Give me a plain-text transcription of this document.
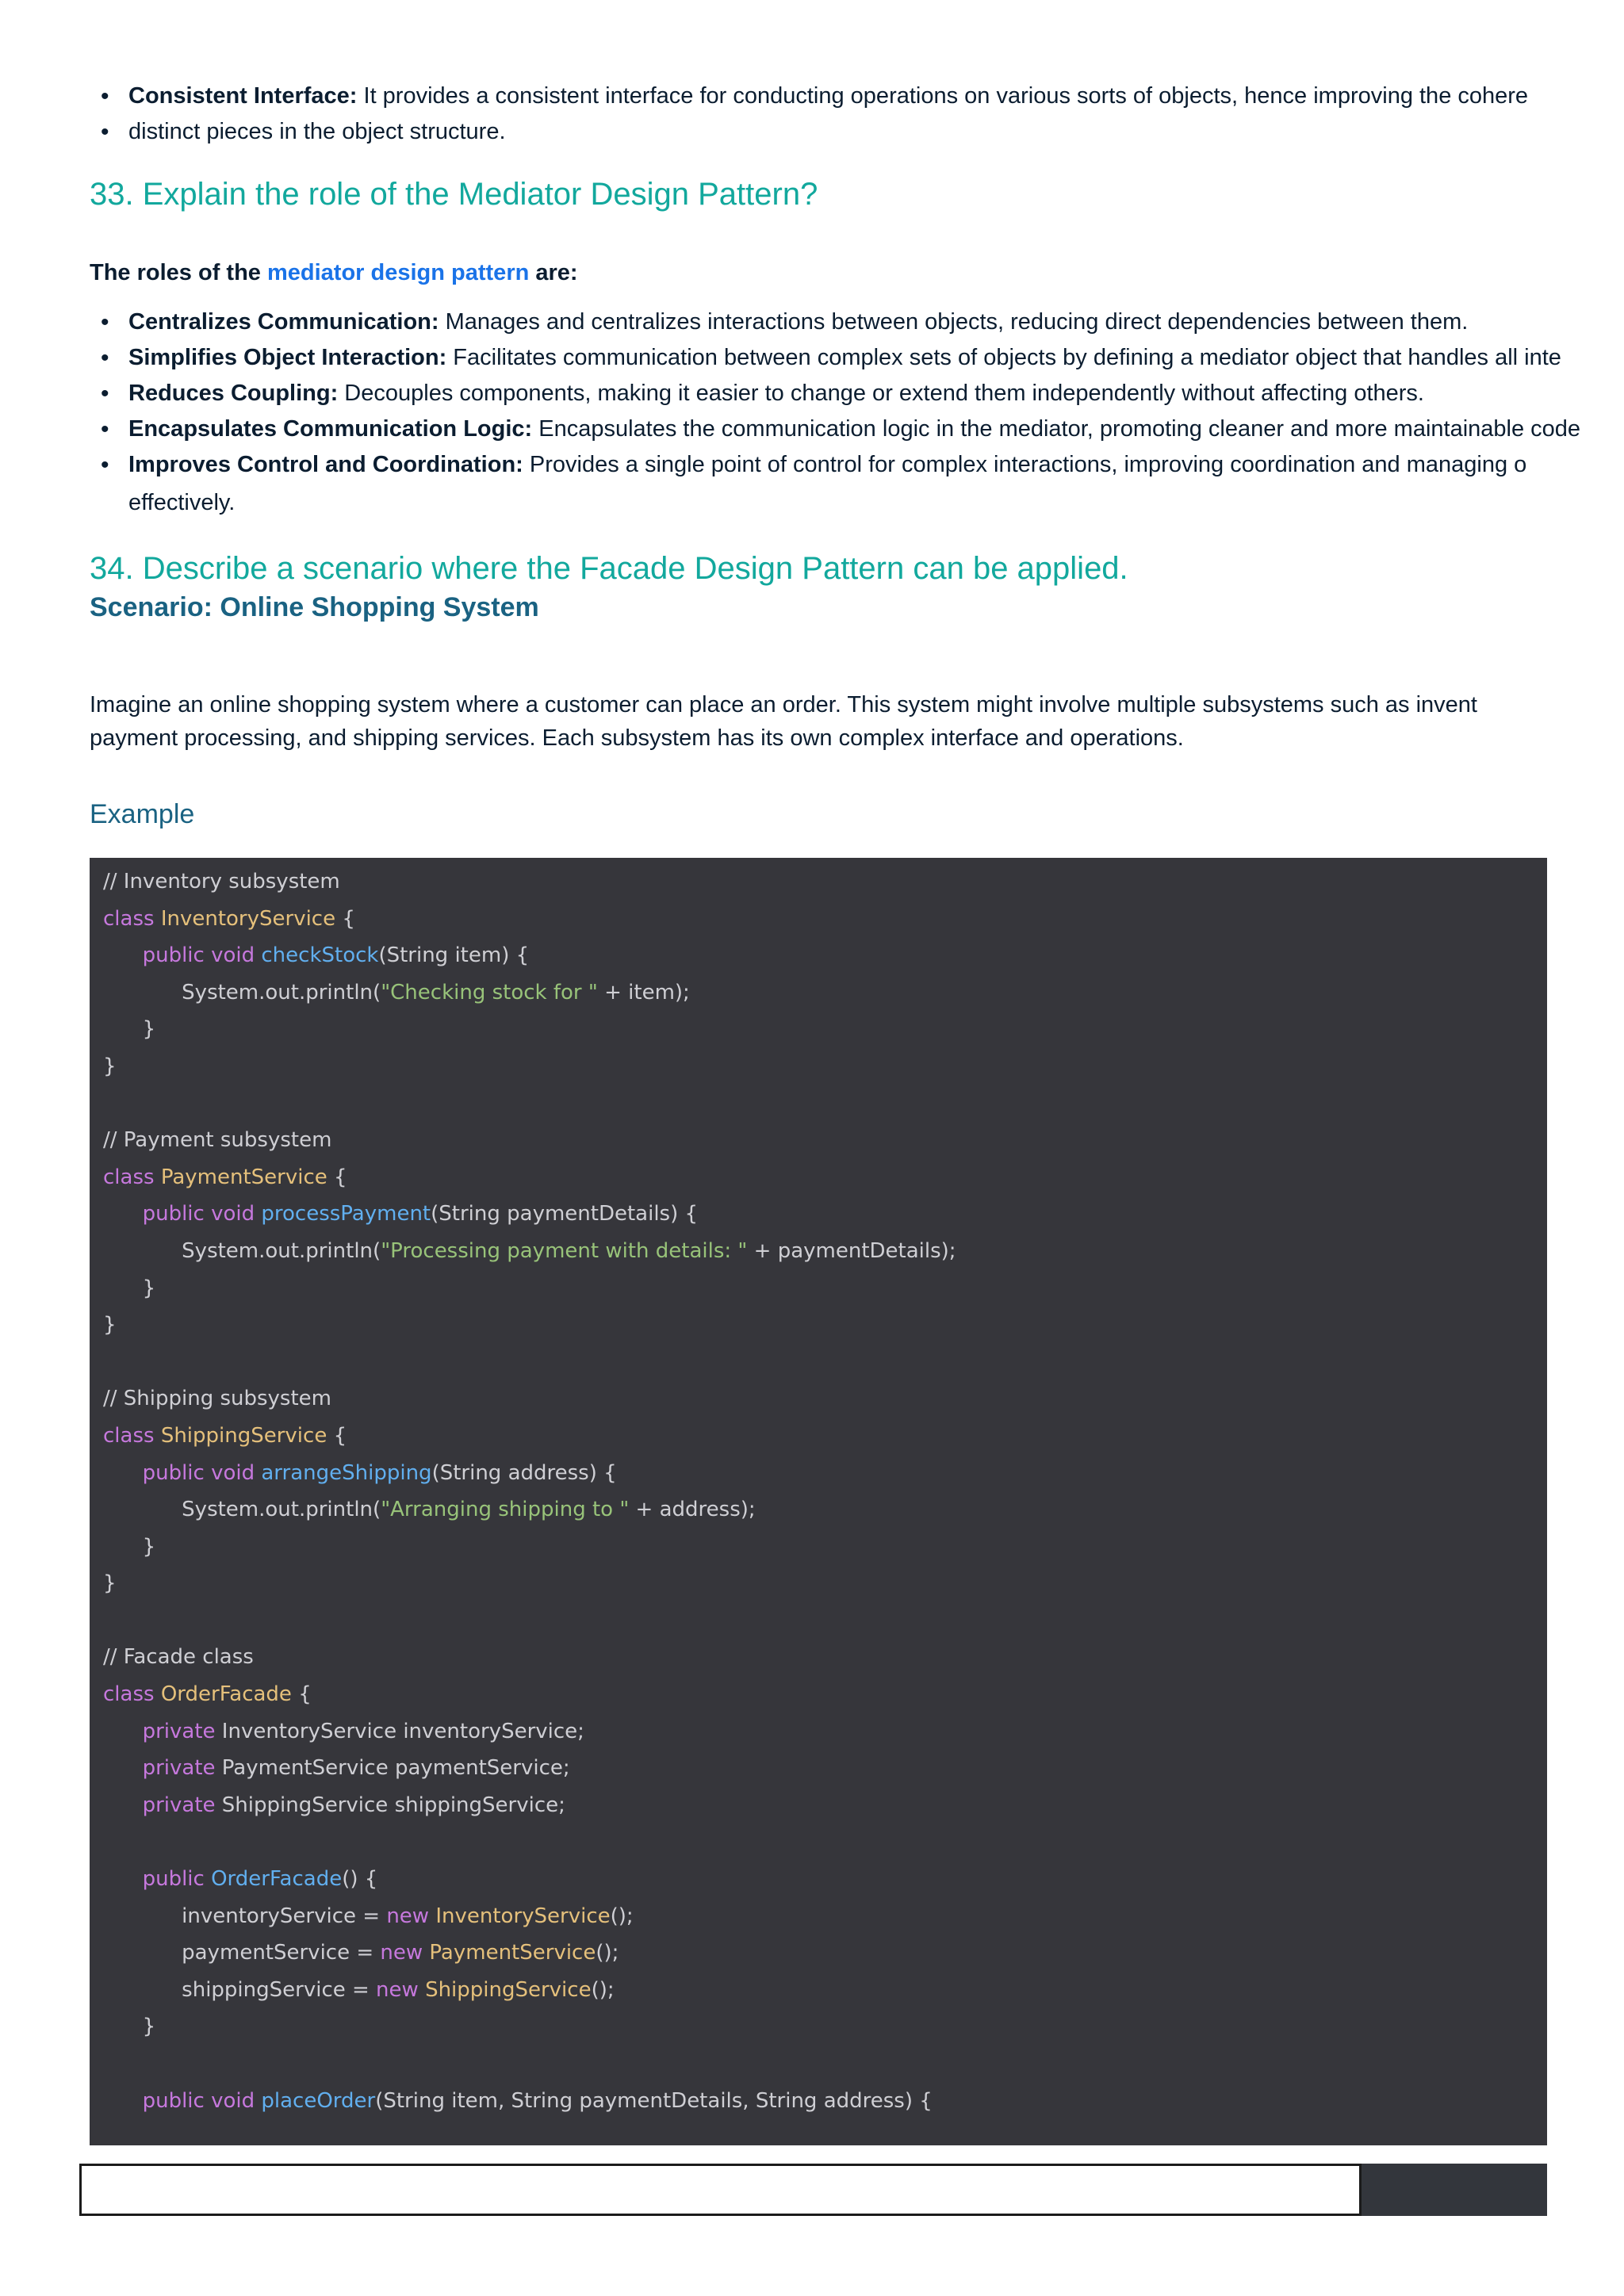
• Consistent Interface: It provides a consistent interface for conducting operations on various sorts of objects, hence improving the cohere
• distinct pieces in the object structure.
33. Explain the role of the Mediator Design Pattern?
The roles of the mediator design pattern are:
• Centralizes Communication: Manages and centralizes interactions between objects, reducing direct dependencies between them.
• Simplifies Object Interaction: Facilitates communication between complex sets of objects by defining a mediator object that handles all inte
• Reduces Coupling: Decouples components, making it easier to change or extend them independently without affecting others.
• Encapsulates Communication Logic: Encapsulates the communication logic in the mediator, promoting cleaner and more maintainable code
• Improves Control and Coordination: Provides a single point of control for complex interactions, improving coordination and managing o
effectively.
34. Describe a scenario where the Facade Design Pattern can be applied.
Scenario: Online Shopping System
Imagine an online shopping system where a customer can place an order. This system might involve multiple subsystems such as invent
payment processing, and shipping services. Each subsystem has its own complex interface and operations.
Example
// Inventory subsystem
class InventoryService {
public void checkStock(String item) {
System.out.println("Checking stock for " + item);
}
}
// Payment subsystem
class PaymentService {
public void processPayment(String paymentDetails) {
System.out.println("Processing payment with details: " + paymentDetails);
}
}
// Shipping subsystem
class ShippingService {
public void arrangeShipping(String address) {
System.out.println("Arranging shipping to " + address);
}
}
// Facade class
class OrderFacade {
private InventoryService inventoryService;
private PaymentService paymentService;
private ShippingService shippingService;
public OrderFacade() {
inventoryService = new InventoryService();
paymentService = new PaymentService();
shippingService = new ShippingService();
}
public void placeOrder(String item, String paymentDetails, String address) {
